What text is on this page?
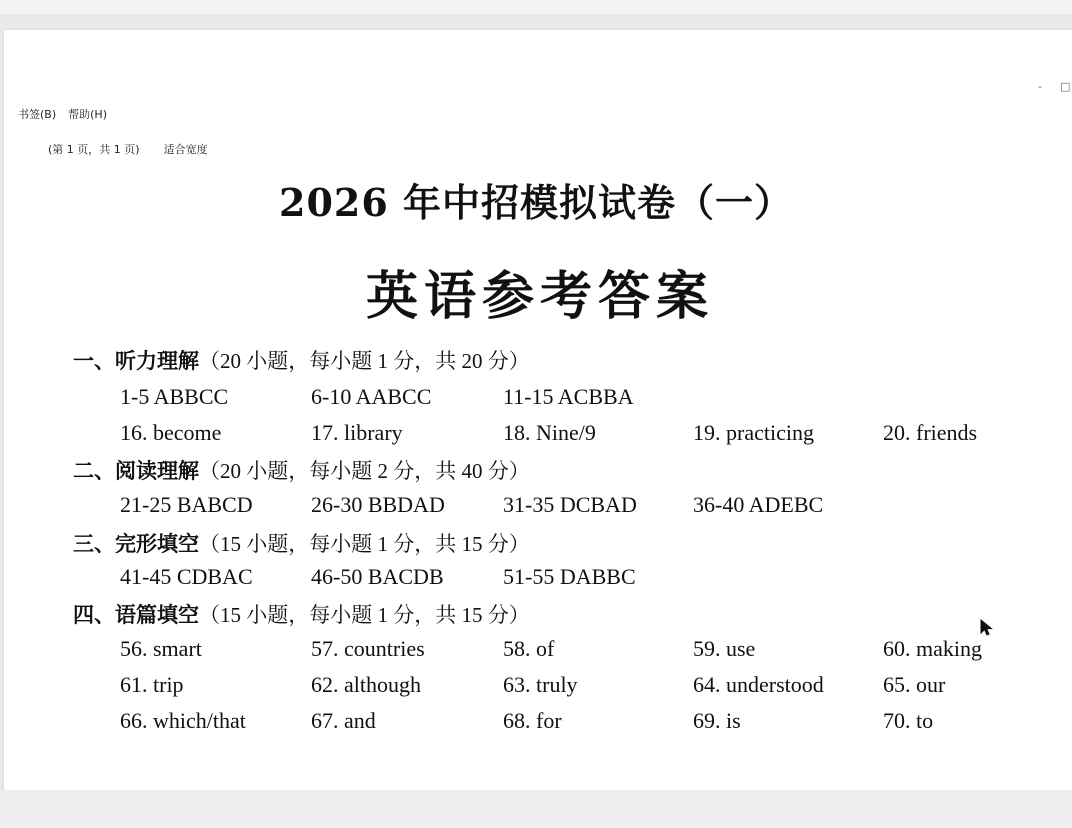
书签(B) 帮助(H)
(第 1 页，共 1 页) 适合宽度
- □
2026 年中招模拟试卷（一）
英语参考答案
一、听力理解（20 小题，每小题 1 分，共 20 分）
1-5 ABBCC	6-10 AABCC	11-15 ACBBA
16. become	17. library	18. Nine/9	19. practicing	20. friends
二、阅读理解（20 小题，每小题 2 分，共 40 分）
21-25 BABCD	26-30 BBDAD	31-35 DCBAD	36-40 ADEBC
三、完形填空（15 小题，每小题 1 分，共 15 分）
41-45 CDBAC	46-50 BACDB	51-55 DABBC
四、语篇填空（15 小题，每小题 1 分，共 15 分）
56. smart	57. countries	58. of	59. use	60. making
61. trip	62. although	63. truly	64. understood	65. our
66. which/that	67. and	68. for	69. is	70. to
